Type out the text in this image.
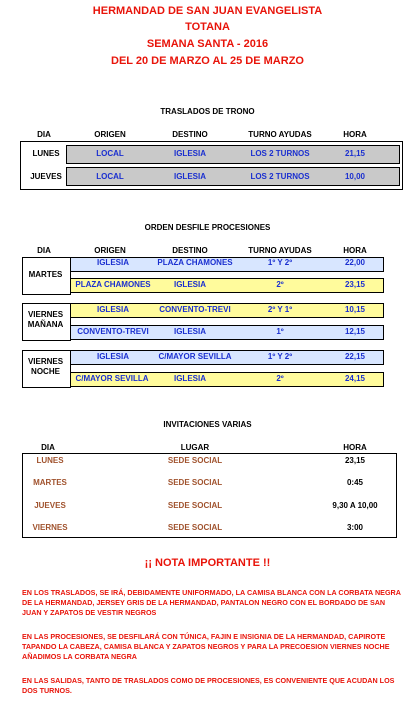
HERMANDAD DE SAN JUAN EVANGELISTA
TOTANA
SEMANA SANTA - 2016
DEL 20 DE MARZO AL 25 DE MARZO
TRASLADOS DE TRONO
DIA	ORIGEN	DESTINO	TURNO AYUDAS	HORA
LUNES	LOCAL	IGLESIA	LOS 2 TURNOS	21,15
JUEVES	LOCAL	IGLESIA	LOS 2 TURNOS	10,00
ORDEN DESFILE PROCESIONES
DIA	ORIGEN	DESTINO	TURNO AYUDAS	HORA
MARTES
IGLESIA	PLAZA CHAMONES	1º Y 2º	22,00
PLAZA CHAMONES	IGLESIA	2º	23,15
VIERNES
MAÑANA
IGLESIA	CONVENTO-TREVI	2º Y 1º	10,15
CONVENTO-TREVI	IGLESIA	1º	12,15
VIERNES
NOCHE
IGLESIA	C/MAYOR SEVILLA	1º Y 2º	22,15
C/MAYOR SEVILLA	IGLESIA	2º	24,15
INVITACIONES VARIAS
DIA	LUGAR	HORA
LUNES	SEDE SOCIAL	23,15
MARTES	SEDE SOCIAL	0:45
JUEVES	SEDE SOCIAL	9,30 A 10,00
VIERNES	SEDE SOCIAL	3:00
¡¡ NOTA IMPORTANTE !!
EN LOS TRASLADOS, SE IRÁ, DEBIDAMENTE UNIFORMADO, LA CAMISA BLANCA CON LA CORBATA NEGRA DE LA HERMANDAD, JERSEY GRIS DE LA HERMANDAD, PANTALON NEGRO CON EL BORDADO DE SAN JUAN Y ZAPATOS DE VESTIR NEGROS
EN LAS PROCESIONES, SE DESFILARÁ CON TÚNICA, FAJIN E INSIGNIA DE LA HERMANDAD, CAPIROTE TAPANDO LA CABEZA, CAMISA BLANCA Y ZAPATOS NEGROS Y PARA LA PRECOESION VIERNES NOCHE AÑADIMOS LA CORBATA NEGRA
EN LAS SALIDAS, TANTO DE TRASLADOS COMO DE PROCESIONES, ES CONVENIENTE QUE ACUDAN LOS DOS TURNOS.
